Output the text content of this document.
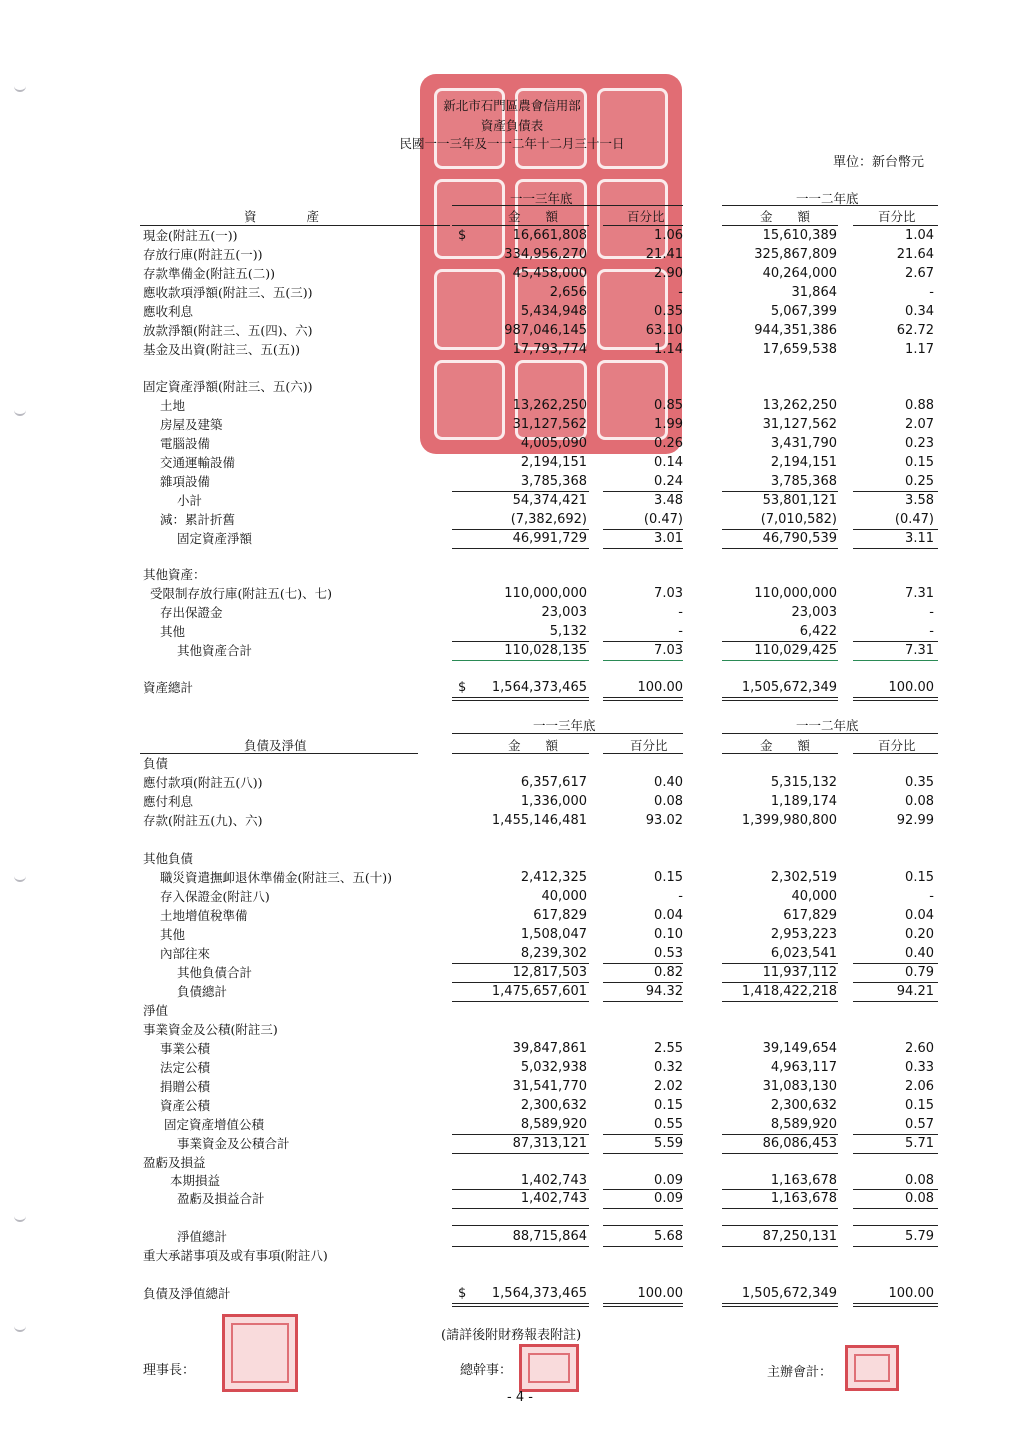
新北市石門區農會信用部
資產負債表
民國一一三年及一一二年十二月三十一日
單位：新台幣元
一一三年底	一一二年底
資　　　　產	金　　額	百分比	金　　額	百分比
$
現金(附註五(一))	16,661,808	1.06	15,610,389	1.04
存放行庫(附註五(一))	334,956,270	21.41	325,867,809	21.64
存款準備金(附註五(二))	45,458,000	2.90	40,264,000	2.67
應收款項淨額(附註三、五(三))	2,656	-	31,864	-
應收利息	5,434,948	0.35	5,067,399	0.34
放款淨額(附註三、五(四)、六)	987,046,145	63.10	944,351,386	62.72
基金及出資(附註三、五(五))	17,793,774	1.14	17,659,538	1.17
固定資產淨額(附註三、五(六))
土地	13,262,250	0.85	13,262,250	0.88
房屋及建築	31,127,562	1.99	31,127,562	2.07
電腦設備	4,005,090	0.26	3,431,790	0.23
交通運輸設備	2,194,151	0.14	2,194,151	0.15
雜項設備	3,785,368	0.24	3,785,368	0.25
小計	54,374,421	3.48	53,801,121	3.58
減：累計折舊	(7,382,692)	(0.47)	(7,010,582)	(0.47)
固定資產淨額	46,991,729	3.01	46,790,539	3.11
其他資產：
受限制存放行庫(附註五(七)、七)	110,000,000	7.03	110,000,000	7.31
存出保證金	23,003	-	23,003	-
其他	5,132	-	6,422	-
其他資產合計	110,028,135	7.03	110,029,425	7.31
$
資產總計	1,564,373,465	100.00	1,505,672,349	100.00
一一三年底	一一二年底
負債及淨值	金　　額	百分比	金　　額	百分比
負債
應付款項(附註五(八))	6,357,617	0.40	5,315,132	0.35
應付利息	1,336,000	0.08	1,189,174	0.08
存款(附註五(九)、六)	1,455,146,481	93.02	1,399,980,800	92.99
其他負債
職災資遣撫卹退休準備金(附註三、五(十))	2,412,325	0.15	2,302,519	0.15
存入保證金(附註八)	40,000	-	40,000	-
土地增值稅準備	617,829	0.04	617,829	0.04
其他	1,508,047	0.10	2,953,223	0.20
內部往來	8,239,302	0.53	6,023,541	0.40
其他負債合計	12,817,503	0.82	11,937,112	0.79
負債總計	1,475,657,601	94.32	1,418,422,218	94.21
淨值
事業資金及公積(附註三)
事業公積	39,847,861	2.55	39,149,654	2.60
法定公積	5,032,938	0.32	4,963,117	0.33
捐贈公積	31,541,770	2.02	31,083,130	2.06
資產公積	2,300,632	0.15	2,300,632	0.15
固定資產增值公積	8,589,920	0.55	8,589,920	0.57
事業資金及公積合計	87,313,121	5.59	86,086,453	5.71
盈虧及損益
本期損益	1,402,743	0.09	1,163,678	0.08
盈虧及損益合計	1,402,743	0.09	1,163,678	0.08
淨值總計	88,715,864	5.68	87,250,131	5.79
重大承諾事項及或有事項(附註八)
$
負債及淨值總計	1,564,373,465	100.00	1,505,672,349	100.00
(請詳後附財務報表附註)
理事長：	總幹事：	主辦會計：
- 4 -
